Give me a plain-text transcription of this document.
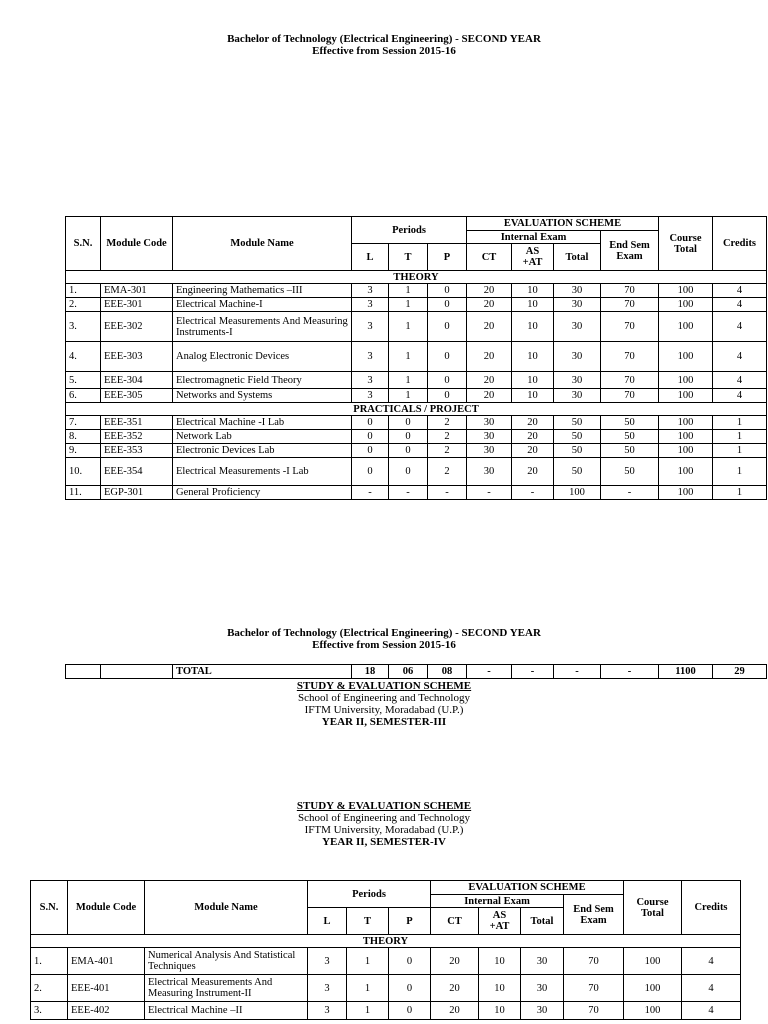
Bachelor of Technology (Electrical Engineering) - SECOND YEAR
Effective from Session 2015-16
S.N.	Module Code	Module Name	Periods			EVALUATION SCHEME				Course Total	Credits
						Internal Exam			End Sem Exam		
			L	T	P	CT	AS +AT	Total			
THEORY											
1.	EMA-301	Engineering Mathematics –III	3	1	0	20	10	30	70	100	4
2.	EEE-301	Electrical Machine-I	3	1	0	20	10	30	70	100	4
3.	EEE-302	Electrical Measurements And Measuring Instruments-I	3	1	0	20	10	30	70	100	4
4.	EEE-303	Analog Electronic Devices	3	1	0	20	10	30	70	100	4
5.	EEE-304	Electromagnetic Field Theory	3	1	0	20	10	30	70	100	4
6.	EEE-305	Networks and Systems	3	1	0	20	10	30	70	100	4
PRACTICALS / PROJECT											
7.	EEE-351	Electrical Machine -I Lab	0	0	2	30	20	50	50	100	1
8.	EEE-352	Network Lab	0	0	2	30	20	50	50	100	1
9.	EEE-353	Electronic Devices Lab	0	0	2	30	20	50	50	100	1
10.	EEE-354	Electrical Measurements -I Lab	0	0	2	30	20	50	50	100	1
11.	EGP-301	General Proficiency	-	-	-	-	-	100	-	100	1
Bachelor of Technology (Electrical Engineering) - SECOND YEAR
Effective from Session 2015-16
		TOTAL	18	06	08	-	-	-	-	1100	29
STUDY & EVALUATION SCHEME
School of Engineering and Technology
IFTM University, Moradabad (U.P.)
YEAR II, SEMESTER-III
STUDY & EVALUATION SCHEME
School of Engineering and Technology
IFTM University, Moradabad (U.P.)
YEAR II, SEMESTER-IV
S.N.	Module Code	Module Name	Periods			EVALUATION SCHEME				Course Total	Credits
						Internal Exam			End Sem Exam		
			L	T	P	CT	AS +AT	Total			
THEORY											
1.	EMA-401	Numerical Analysis And Statistical Techniques	3	1	0	20	10	30	70	100	4
2.	EEE-401	Electrical Measurements And Measuring Instrument-II	3	1	0	20	10	30	70	100	4
3.	EEE-402	Electrical Machine –II	3	1	0	20	10	30	70	100	4
